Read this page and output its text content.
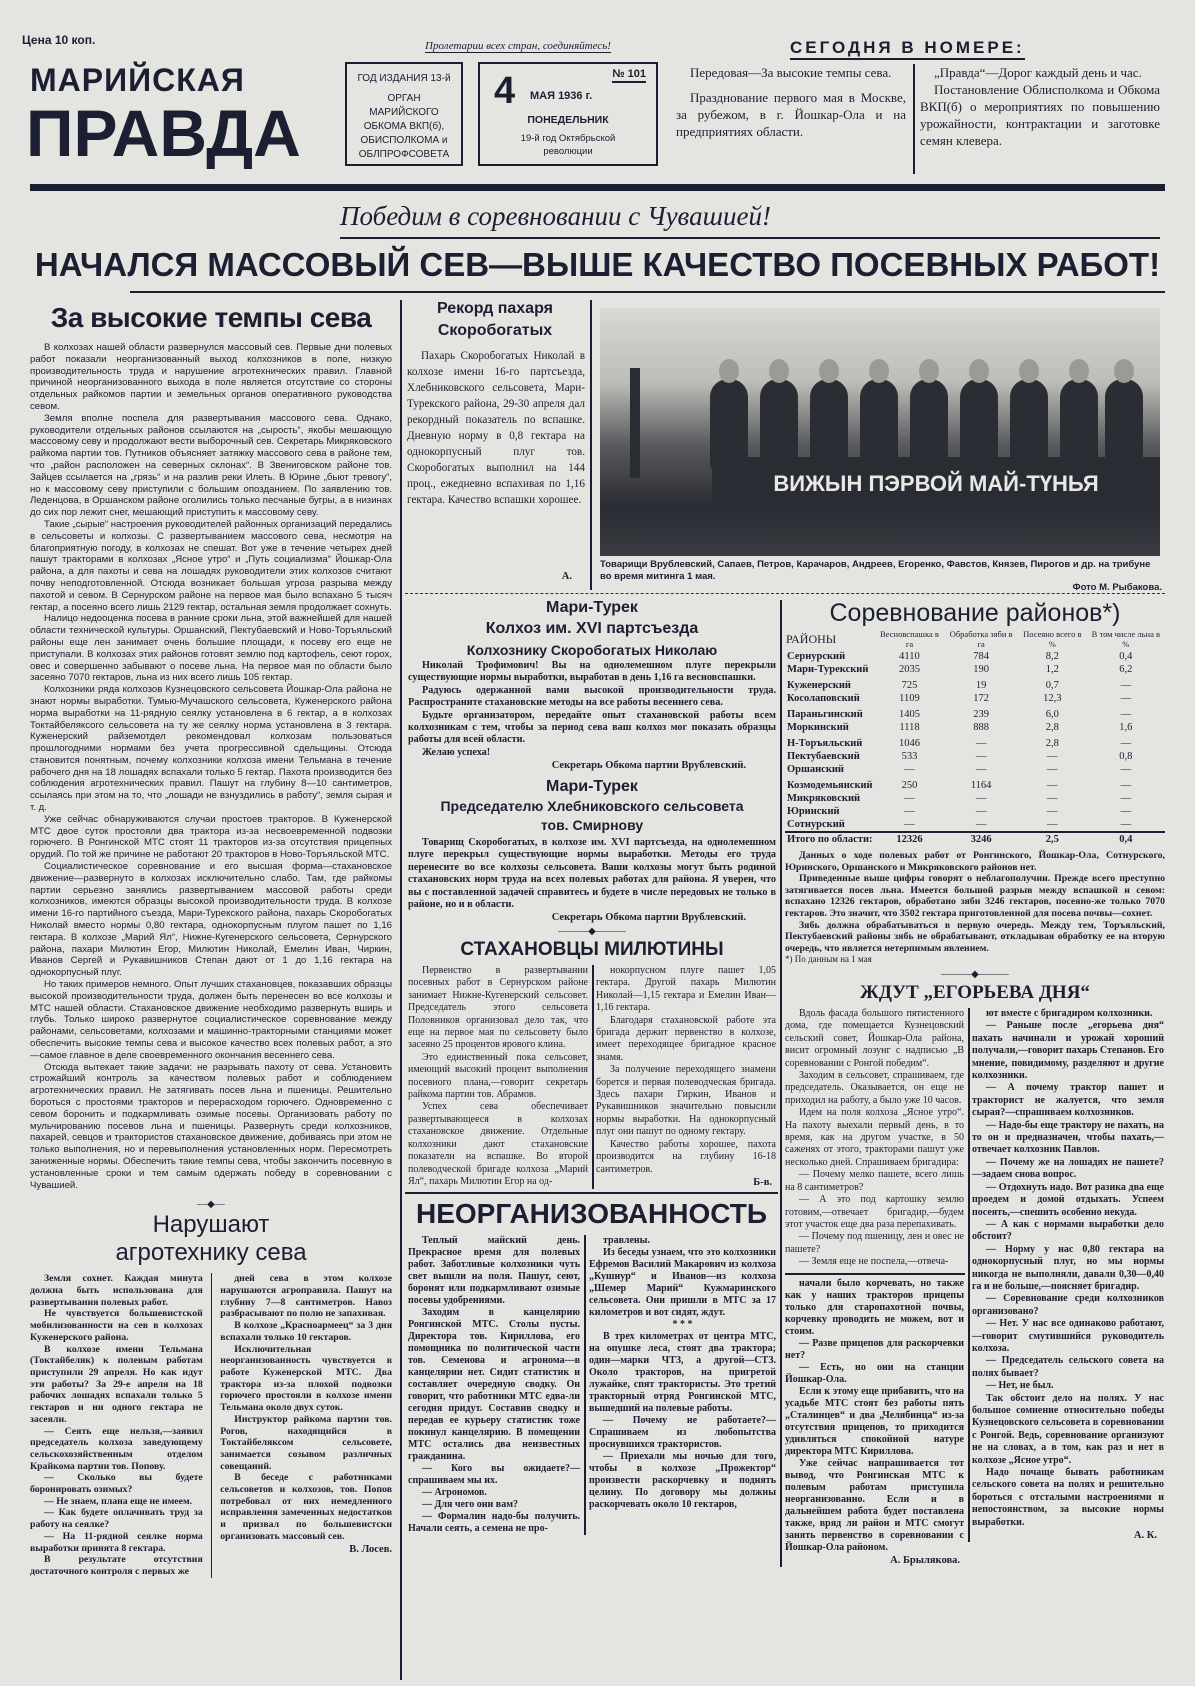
Цена 10 коп.	Пролетарии всех стран, соединяйтесь!
МАРИЙСКАЯ
ПРАВДА
ГОД ИЗДАНИЯ 13-й
ОРГАН МАРИЙСКОГО ОБКОМА ВКП(б), ОБИСПОЛКОМА и ОБЛПРОФСОВЕТА
4 МАЯ 1936 г.
№ 101
ПОНЕДЕЛЬНИК
19-й год Октябрьской революции
СЕГОДНЯ В НОМЕРЕ:

Передовая—За высокие темпы сева.

Празднование первого мая в Москве, за рубежом, в г. Йошкар-Ола и на предприятиях области.

„Правда“—Дорог каждый день и час.

Постановление Облисполкома и Обкома ВКП(б) о мероприятиях по повышению урожайности, контрактации и заготовке семян клевера.

Победим в соревновании с Чувашией!
НАЧАЛСЯ МАССОВЫЙ СЕВ—ВЫШЕ КАЧЕСТВО ПОСЕВНЫХ РАБОТ!
За высокие темпы сева

В колхозах нашей области развернулся массовый сев. Первые дни полевых работ показали неорганизованный выход колхозников в поле, низкую производительность труда и нарушение агротехнических правил. Главной причиной неорганизованного выхода в поле является отсутствие со стороны отдельных райкомов партии и земельных органов оперативного руководства севом.

Земля вполне поспела для развертывания массового сева. Однако, руководители отдельных районов ссылаются на „сырость“, якобы мешающую массовому севу и продолжают вести выборочный сев. Секретарь Микряковского райкома партии тов. Путников объясняет затяжку массового сева в районе тем, что „район расположен на северных склонах“. В Звениговском районе тов. Зайцев ссылается на „грязь“ и на разлив реки Илеть. В Юрине „бьют тревогу“, но к массовому севу приступили с большим опозданием. По заявлению тов. Леденцова, в Оршанском районе оголились только песчаные бугры, а в низинах до сих пор лежит снег, мешающий приступить к массовому севу.

Такие „сырые“ настроения руководителей районных организаций передались в сельсоветы и колхозы. С развертыванием массового сева, несмотря на благоприятную погоду, в колхозах не спешат. Вот уже в течение четырех дней пашут тракторами в колхозах „Ясное утро“ и „Путь социализма“ Йошкар-Ола района, а для пахоты и сева на лошадях руководители этих колхозов считают почву неподготовленной. Отсюда возникает большая угроза разрыва между пахотой и севом. В Сернурском районе на первое мая было вспахано 5 тысяч гектар, а посеяно всего лишь 2129 гектар, остальная земля продолжает сохнуть.

Налицо недооценка посева в ранние сроки льна, этой важнейшей для нашей области технической культуры. Оршанский, Пектубаевский и Ново-Торъяльский районы еще лен занимает очень большие площади, к посеву его еще не приступали. В колхозах этих районов готовят землю под картофель, сеют горох, овес и совершенно забывают о посеве льна. На первое мая по области было засеяно 7070 гектаров, льна из них всего лишь 105 гектар.

Колхозники ряда колхозов Кузнецовского сельсовета Йошкар-Ола района не знают нормы выработки. Тумью-Мучашского сельсовета, Куженерского района норма выработки на 11-рядную сеялку установлена в 6 гектар, а в колхозах Токтайбеляксого сельсовета на ту же сеялку норма установлена в 3 гектара. Куженерский райземотдел рекомендовал колхозам пользоваться прошлогодними нормами без учета прогрессивной сдельщины. Отсюда становится понятным, почему колхозники колхоза имени Тельмана в течение рабочего дня на 18 лошадях вспахали только 5 гектар. Пахота производится без соблюдения агротехнических правил. Пашут на глубину 8—10 сантиметров, ссылаясь при этом на то, что „лошади не взнуздились в работу“, земля сырая и т. д.

Уже сейчас обнаруживаются случаи простоев тракторов. В Куженерской МТС двое суток простояли два трактора из-за несвоевременной подвозки горючего. В Ронгинской МТС стоят 11 тракторов из-за отсутствия прицепных орудий. По той же причине не работают 20 тракторов в Ново-Торъяльской МТС.

Социалистическое соревнование и его высшая форма—стахановское движение—развернуто в колхозах исключительно слабо. Там, где райкомы партии серьезно занялись развертыванием массовой работы среди колхозников, имеются образцы высокой производительности труда. В колхозе имени 16-го партийного съезда, Мари-Турекского района, пахарь Скоробогатых Николай вместо нормы 0,80 гектара, однокорпусным плугом пашет по 1,16 гектара. В колхозе „Марий Ял“, Нижне-Кугенерского сельсовета, Сернурского района, пахари Милютин Егор, Милютин Николай, Емелин Иван, Чиркин, Иванов Сергей и Рукавишников Степан дают от 1 до 1,16 гектара на однокорпусный плуг.

Но таких примеров немного. Опыт лучших стахановцев, показавших образцы высокой производительности труда, должен быть перенесен во все колхозы и МТС нашей области. Стахановское движение необходимо развернуть вширь и глубь. Только широко развернутое социалистическое соревнование между районами, сельсоветами, колхозами и машинно-тракторными станциями может обеспечить высокие темпы сева и высокое качество всех полевых работ, а это—самое главное в деле своевременного окончания весеннего сева.

Отсюда вытекает такие задачи: не разрывать пахоту от сева. Установить строжайший контроль за качеством полевых работ и соблюдением агротехнических правил. Не затягивать посев льна и пшеницы. Решительно бороться с простоями тракторов и перерасходом горючего. Одновременно с севом боронить и подкармливать озимые посевы. Организовать работу по мульчированию посевов льна и пшеницы. Развернуть среди колхозников, пахарей, севцов и трактористов стахановское движение, добиваясь при этом не только выполнения, но и перевыполнения установленных норм. Пересмотреть заниженные нормы. Обеспечить такие темпы сева, чтобы закончить посевную в установленные сроки и тем самым одержать победу в соревновании с Чувашией.

—◆—
Нарушают
агротехнику сева

Земля сохнет. Каждая минута должна быть использована для развертывания полевых работ.

Не чувствуется большевистской мобилизованности на сев в колхозах Куженерского района.

В колхозе имени Тельмана (Токтайбеляк) к полевым работам приступили 29 апреля. Но как идут эти работы? За 29-е апреля на 18 рабочих лошадях вспахали только 5 гектаров и ни одного гектара не засеяли.

— Сеять еще нельзя,—заявил председатель колхоза заведующему сельскохозяйственным отделом Крайкома партии тов. Попову.

— Сколько вы будете боронировать озимых?

— Не знаем, плана еще не имеем.

— Как будете оплачивать труд за работу на сеялке?

— На 11-рядной сеялке норма выработки принята 8 гектара.

В результате отсутствия достаточного контроля с первых же

дней сева в этом колхозе нарушаются агроправила. Пашут на глубину 7—8 сантиметров. Навоз разбрасывают по полю не запахивая.

В колхозе „Красноармеец“ за 3 дня вспахали только 10 гектаров.

Исключительная неорганизованность чувствуется в работе Куженерской МТС. Два трактора из-за плохой подвозки горючего простояли в колхозе имени Тельмана около двух суток.

Инструктор райкома партии тов. Рогов, находящийся в Токтайбеляксом сельсовете, занимается созывом различных совещаний.

В беседе с работниками сельсоветов и колхозов, тов. Попов потребовал от них немедленного исправления замеченных недостатков и призвал по большевистски организовать массовый сев.

В. Лосев.
Рекорд пахаря
Скоробогатых

Пахарь Скоробогатых Николай в колхозе имени 16-го партсъезда, Хлебниковского сельсовета, Мари-Турекского района, 29-30 апреля дал рекордный показатель по вспашке. Дневную норму в 0,8 гектара на однокорпусный плуг тов. Скоробогатых выполнил на 144 проц., ежедневно вспахивая по 1,16 гектара. Качество вспашки хорошее.

А.
ВИЖЫН ПЭРВОЙ МАЙ-ТҮНЬЯ
Товарищи Врублевский, Сапаев, Петров, Карачаров, Андреев, Егоренко, Фавстов, Князев, Пирогов и др. на трибуне во время митинга 1 мая.
Фото М. Рыбакова.
Мари-Турек
Колхоз им. XVI партсъезда
Колхознику Скоробогатых Николаю

Николай Трофимович! Вы на однолемешном плуге перекрыли существующие нормы выработки, выработав в день 1,16 га весновспашки.

Радуюсь одержанной вами высокой производительности труда. Распространите стахановские методы на все работы весеннего сева.

Будьте организатором, передайте опыт стахановской работы всем колхозникам с тем, чтобы за период сева ваш колхоз мог показать образцы работы для всей области.

Желаю успеха!

Секретарь Обкома партии Врублевский.
Мари-Турек
Председателю Хлебниковского сельсовета
тов. Смирнову

Товарищ Скоробогатых, в колхозе им. XVI партсъезда, на однолемешном плуге перекрыл существующие нормы выработки. Методы его труда перенесите во все колхозы сельсовета. Ваши колхозы могут быть родиной стахановских норм труда на всех полевых работах для района. Я уверен, что вы с поставленной задачей справитесь и будете в числе передовых не только в районе, но и в области.

Секретарь Обкома партии Врублевский.
———◆———
СТАХАНОВЦЫ МИЛЮТИНЫ

Первенство в развертывании посевных работ в Сернурском районе занимает Нижне-Кугенерский сельсовет. Председатель этого сельсовета Половников организовал дело так, что еще на первое мая по сельсовету было засеяно 25 процентов ярового клина.

Это единственный пока сельсовет, имеющий высокий процент выполнения посевного плана,—говорит секретарь райкома партии тов. Абрамов.

Успех сева обеспечивает развертывающееся в колхозах стахановское движение. Отдельные колхозники дают стахановские показатели на вспашке. Во второй полеводческой бригаде колхоза „Марий Ял“, пахарь Милютин Егор на од-

нокорпусном плуге пашет 1,05 гектара. Другой пахарь Милютин Николай—1,15 гектара и Емелин Иван—1,16 гектара.

Благодаря стахановской работе эта бригада держит первенство в колхозе, имеет переходящее бригадное красное знамя.

За получение переходящего знамени борется и первая полеводческая бригада. Здесь пахари Гиркин, Иванов и Рукавишников значительно повысили нормы выработки. На однокорпусный плуг они пашут по одному гектару.

Качество работы хорошее, пахота производится на глубину 16-18 сантиметров.

Б-в.
Соревнование районов*)
РАЙОНЫ	Весновспашка в га	Обработка зяби в га	Посеяно всего в %	В том числе льна в %
Сернурский	4110	784	8,2	0,4
Мари-Турекский	2035	190	1,2	6,2
Куженерский	725	19	0,7	—
Косолаповский	1109	172	12,3	—
Параньгинский	1405	239	6,0	—
Моркинский	1118	888	2,8	1,6
Н-Торъяльский	1046	—	2,8	—
Пектубаевский	533	—	—	0,8
Оршанский	—	—	—	—
Козмодемьянский	250	1164	—	—
Микряковский	—	—	—	—
Юринский	—	—	—	—
Сотнурский	—	—	—	—
Итого по области:	12326	3246	2,5	0,4

Данных о ходе полевых работ от Ронгинского, Йошкар-Ола, Сотнурского, Юринского, Оршанского и Микряковского районов нет.

Приведенные выше цифры говорят о неблагополучии. Прежде всего преступно затягивается посев льна. Имеется большой разрыв между вспашкой и севом: вспахано 12326 гектаров, обработано зяби 3246 гектаров, посеяно-же только 7070 гектаров. Это значит, что 3502 гектара приготовленной для посева почвы—сохнет.

Зябь должна обрабатываться в первую очередь. Между тем, Торъяльский, Пектубаевский районы зябь не обрабатывают, откладывая обработку ее на вторую очередь, что является нетерпимым явлением.

*) По данным на 1 мая
———◆———
ЖДУТ „ЕГОРЬЕВА ДНЯ“

Вдоль фасада большого пятистенного дома, где помещается Кузнецовский сельский совет, Йошкар-Ола района, висит огромный лозунг с надписью „В соревновании с Ронгой победим“.

Заходим в сельсовет, спрашиваем, где председатель. Оказывается, он еще не приходил на работу, а было уже 10 часов.

Идем на поля колхоза „Ясное утро“. На пахоту выехали первый день, в то время, как на другом участке, в 50 саженях от этого, тракторами пашут уже несколько дней. Спрашиваем бригадира:

— Почему мелко пашете, всего лишь на 8 сантиметров?

— А это под картошку землю готовим,—отвечает бригадир,—будем этот участок еще два раза перепахивать.

— Почему под пшеницу, лен и овес не пашете?

— Земля еще не поспела,—отвеча-

ют вместе с бригадиром колхозники.

— Раньше после „егорьева дня“ пахать начинали и урожай хороший получали,—говорит пахарь Степанов. Его мнение, повидимому, разделяют и другие колхозники.

— А почему трактор пашет и тракторист не жалуется, что земля сырая?—спрашиваем колхозников.

— Надо-бы еще трактору не пахать, на то он и предназначен, чтобы пахать,—отвечает колхозник Павлов.

— Почему же на лошадях не пашете?—задаем снова вопрос.

— Отдохнуть надо. Вот разика два еще проедем и домой отдыхать. Успеем посеять,—спешить особенно некуда.

— А как с нормами выработки дело обстоит?

— Норму у нас 0,80 гектара на однокорпусный плуг, но мы нормы никогда не выполняли, давали 0,30—0,40 га и не больше,—поясняет бригадир.

— Соревнование среди колхозников организовано?

— Нет. У нас все одинаково работают,—говорит смутившийся руководитель колхоза.

— Председатель сельского совета на полях бывает?

— Нет, не был.

Так обстоит дело на полях. У нас большое сомнение относительно победы Кузнецовского сельсовета в соревновании с Ронгой. Ведь, соревнование организуют не на словах, а в том, как раз и нет в колхозе „Ясное утро“.

Надо почаще бывать работникам сельского совета на полях и решительно бороться с отсталыми настроениями и непостоянством, за высокие нормы выработки.

А. К.
НЕОРГАНИЗОВАННОСТЬ

Теплый майский день. Прекрасное время для полевых работ. Заботливые колхозники чуть свет вышли на поля. Пашут, сеют, боронят или подкармливают озимые посевы удобрениями.

Заходим в канцелярию Ронгинской МТС. Столы пусты. Директора тов. Кириллова, его помощника по политической части тов. Семенова и агронома—в канцелярии нет. Сидит статистик и составляет очередную сводку. Он говорит, что работники МТС едва-ли сегодня придут. Составив сводку и передав ее курьеру статистик тоже покинул канцелярию. В помещении МТС остались два неизвестных гражданина.

— Кого вы ожидаете?—спрашиваем мы их.

— Агрономов.

— Для чего они вам?

— Формалин надо-бы получить. Начали сеять, а семена не про-

травлены.

Из беседы узнаем, что это колхозники Ефремов Василий Макарович из колхоза „Кушнур“ и Иванов—из колхоза „Шемер Марий“ Кужмаринского сельсовета. Они пришли в МТС за 17 километров и вот сидят, ждут.

* * *

В трех километрах от центра МТС, на опушке леса, стоят два трактора; один—марки ЧТЗ, а другой—СТЗ. Около тракторов, на пригретой лужайке, спят трактористы. Это третий тракторный отряд Ронгинской МТС, вышедший на полевые работы.

— Почему не работаете?—Спрашиваем из любопытства проснувшихся трактористов.

— Приехали мы ночью для того, чтобы в колхозе „Прожектор“ произвести раскорчевку и поднять целину. По договору мы должны раскорчевать около 10 гектаров,

начали было корчевать, но также как у наших тракторов прицепы только для старопахотной почвы, корчевку проводить не можем, вот и стоим.

— Разве прицепов для раскорчевки нет?

— Есть, но они на станции Йошкар-Ола.

Если к этому еще прибавить, что на усадьбе МТС стоят без работы пять „Сталинцев“ и два „Челябинца“ из-за отсутствия прицепов, то приходится удивляться спокойной натуре директора МТС Кириллова.

Уже сейчас напрашивается тот вывод, что Ронгинская МТС к полевым работам приступила неорганизованно. Если и в дальнейшем работа будет поставлена также, вряд ли район и МТС смогут занять первенство в соревновании с Йошкар-Ола районом.

А. Брылякова.
